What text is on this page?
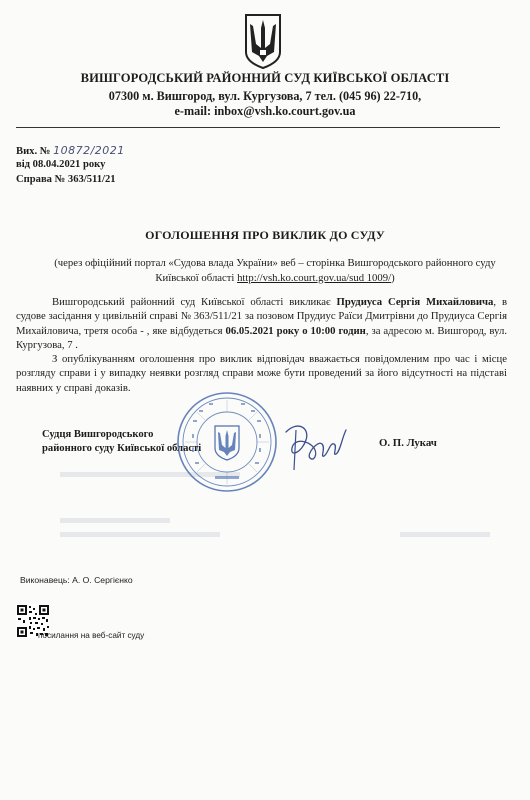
ВИШГОРОДСЬКИЙ РАЙОННИЙ СУД КИЇВСЬКОЇ ОБЛАСТІ
07300 м. Вишгород, вул. Кургузова, 7 тел. (045 96) 22-710,
e-mail: inbox@vsh.ko.court.gov.ua
Вих. № 10872/2021
від 08.04.2021 року
Справа № 363/511/21
ОГОЛОШЕННЯ ПРО ВИКЛИК ДО СУДУ
(через офіційний портал «Судова влада України» веб – сторінка Вишгородського районного суду Київської області http://vsh.ko.court.gov.ua/sud 1009/)

Вишгородський районний суд Київської області викликає Прудиуса Сергія Михайловича, в судове засідання у цивільній справі № 363/511/21 за позовом Прудиус Раїси Дмитрівни до Прудиуса Сергія Михайловича, третя особа - , яке відбудеться 06.05.2021 року о 10:00 годин, за адресою м. Вишгород, вул. Кургузова, 7 .

З опублікуванням оголошення про виклик відповідач вважається повідомленим про час і місце розгляду справи і у випадку неявки розгляд справи може бути проведений за його відсутності на підставі наявних у справі доказів.

Судця Вишгородського
районного суду Київської області	О. П. Лукач
Виконавець: А. О. Сергієнко
посилання на веб-сайт суду
